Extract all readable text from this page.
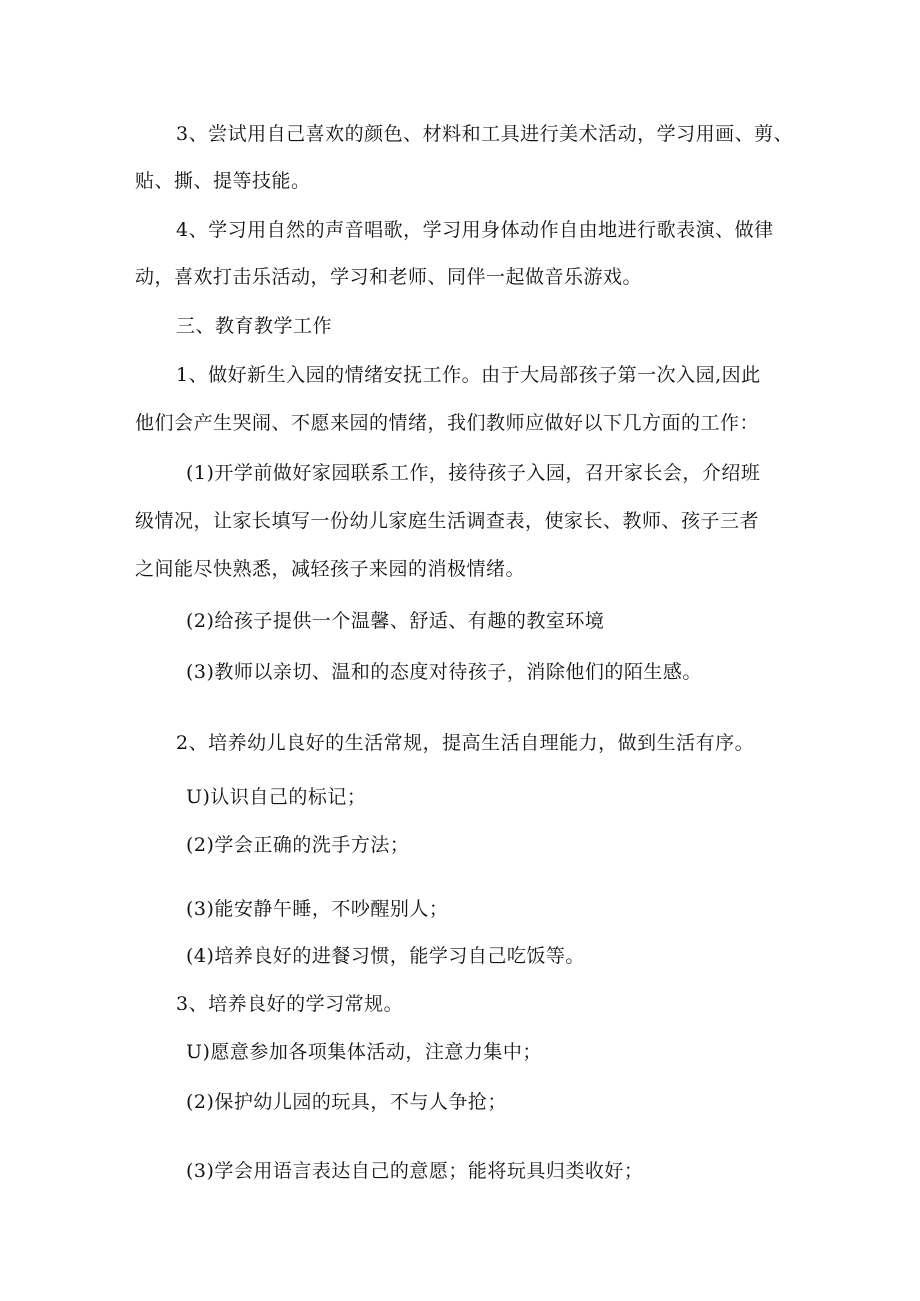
3、尝试用自己喜欢的颜色、材料和工具进行美术活动，学习用画、剪、
贴、撕、提等技能。
4、学习用自然的声音唱歌，学习用身体动作自由地进行歌表演、做律
动，喜欢打击乐活动，学习和老师、同伴一起做音乐游戏。
三、教育教学工作
1、做好新生入园的情绪安抚工作。由于大局部孩子第一次入园,因此
他们会产生哭闹、不愿来园的情绪，我们教师应做好以下几方面的工作：
(1)开学前做好家园联系工作，接待孩子入园，召开家长会，介绍班
级情况，让家长填写一份幼儿家庭生活调查表，使家长、教师、孩子三者
之间能尽快熟悉，减轻孩子来园的消极情绪。
(2)给孩子提供一个温馨、舒适、有趣的教室环境
(3)教师以亲切、温和的态度对待孩子，消除他们的陌生感。
2、培养幼儿良好的生活常规，提高生活自理能力，做到生活有序。
U)认识自己的标记；
(2)学会正确的洗手方法；
(3)能安静午睡，不吵醒别人；
(4)培养良好的进餐习惯，能学习自己吃饭等。
3、培养良好的学习常规。
U)愿意参加各项集体活动，注意力集中；
(2)保护幼儿园的玩具，不与人争抢；
(3)学会用语言表达自己的意愿；能将玩具归类收好；
